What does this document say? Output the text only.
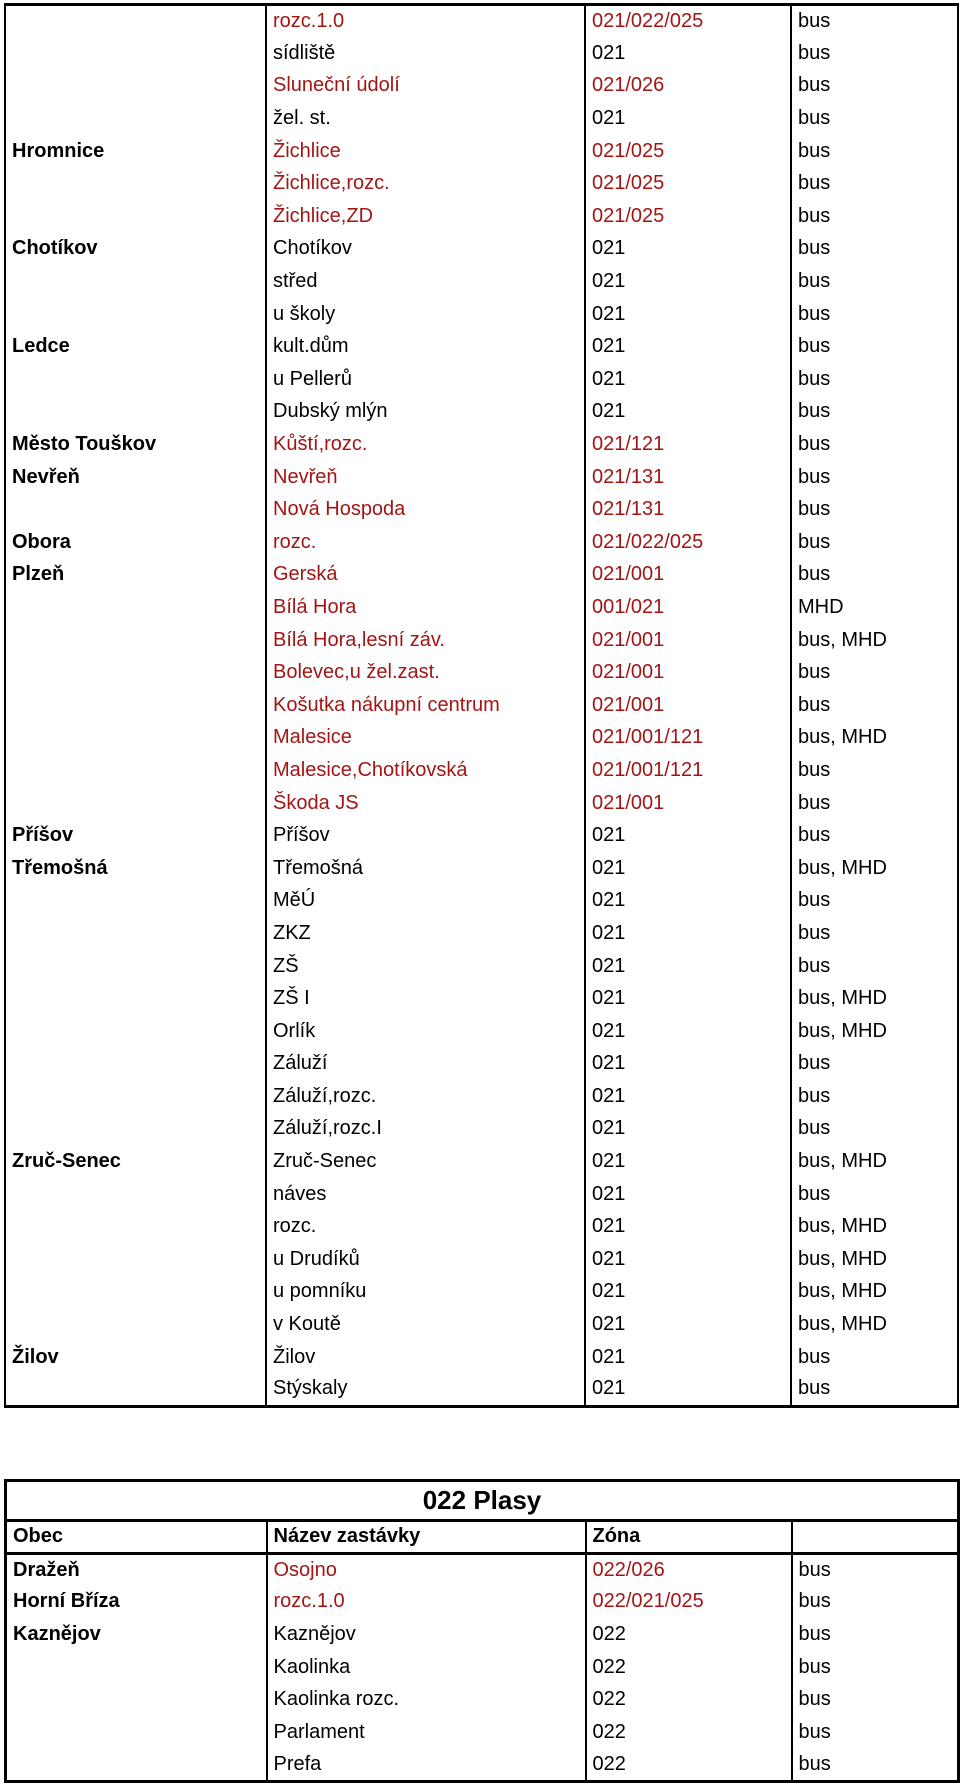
	rozc.1.0	021/022/025	bus
	sídliště	021	bus
	Sluneční údolí	021/026	bus
	žel. st.	021	bus
Hromnice	Žichlice	021/025	bus
	Žichlice,rozc.	021/025	bus
	Žichlice,ZD	021/025	bus
Chotíkov	Chotíkov	021	bus
	střed	021	bus
	u školy	021	bus
Ledce	kult.dům	021	bus
	u Pellerů	021	bus
	Dubský mlýn	021	bus
Město Touškov	Kůští,rozc.	021/121	bus
Nevřeň	Nevřeň	021/131	bus
	Nová Hospoda	021/131	bus
Obora	rozc.	021/022/025	bus
Plzeň	Gerská	021/001	bus
	Bílá Hora	001/021	MHD
	Bílá Hora,lesní záv.	021/001	bus, MHD
	Bolevec,u žel.zast.	021/001	bus
	Košutka nákupní centrum	021/001	bus
	Malesice	021/001/121	bus, MHD
	Malesice,Chotíkovská	021/001/121	bus
	Škoda JS	021/001	bus
Příšov	Příšov	021	bus
Třemošná	Třemošná	021	bus, MHD
	MěÚ	021	bus
	ZKZ	021	bus
	ZŠ	021	bus
	ZŠ I	021	bus, MHD
	Orlík	021	bus, MHD
	Záluží	021	bus
	Záluží,rozc.	021	bus
	Záluží,rozc.I	021	bus
Zruč-Senec	Zruč-Senec	021	bus, MHD
	náves	021	bus
	rozc.	021	bus, MHD
	u Drudíků	021	bus, MHD
	u pomníku	021	bus, MHD
	v Koutě	021	bus, MHD
Žilov	Žilov	021	bus
	Stýskaly	021	bus
022 Plasy			
Obec	Název zastávky	Zóna	
Dražeň	Osojno	022/026	bus
Horní Bříza	rozc.1.0	022/021/025	bus
Kaznějov	Kaznějov	022	bus
	Kaolinka	022	bus
	Kaolinka rozc.	022	bus
	Parlament	022	bus
	Prefa	022	bus
